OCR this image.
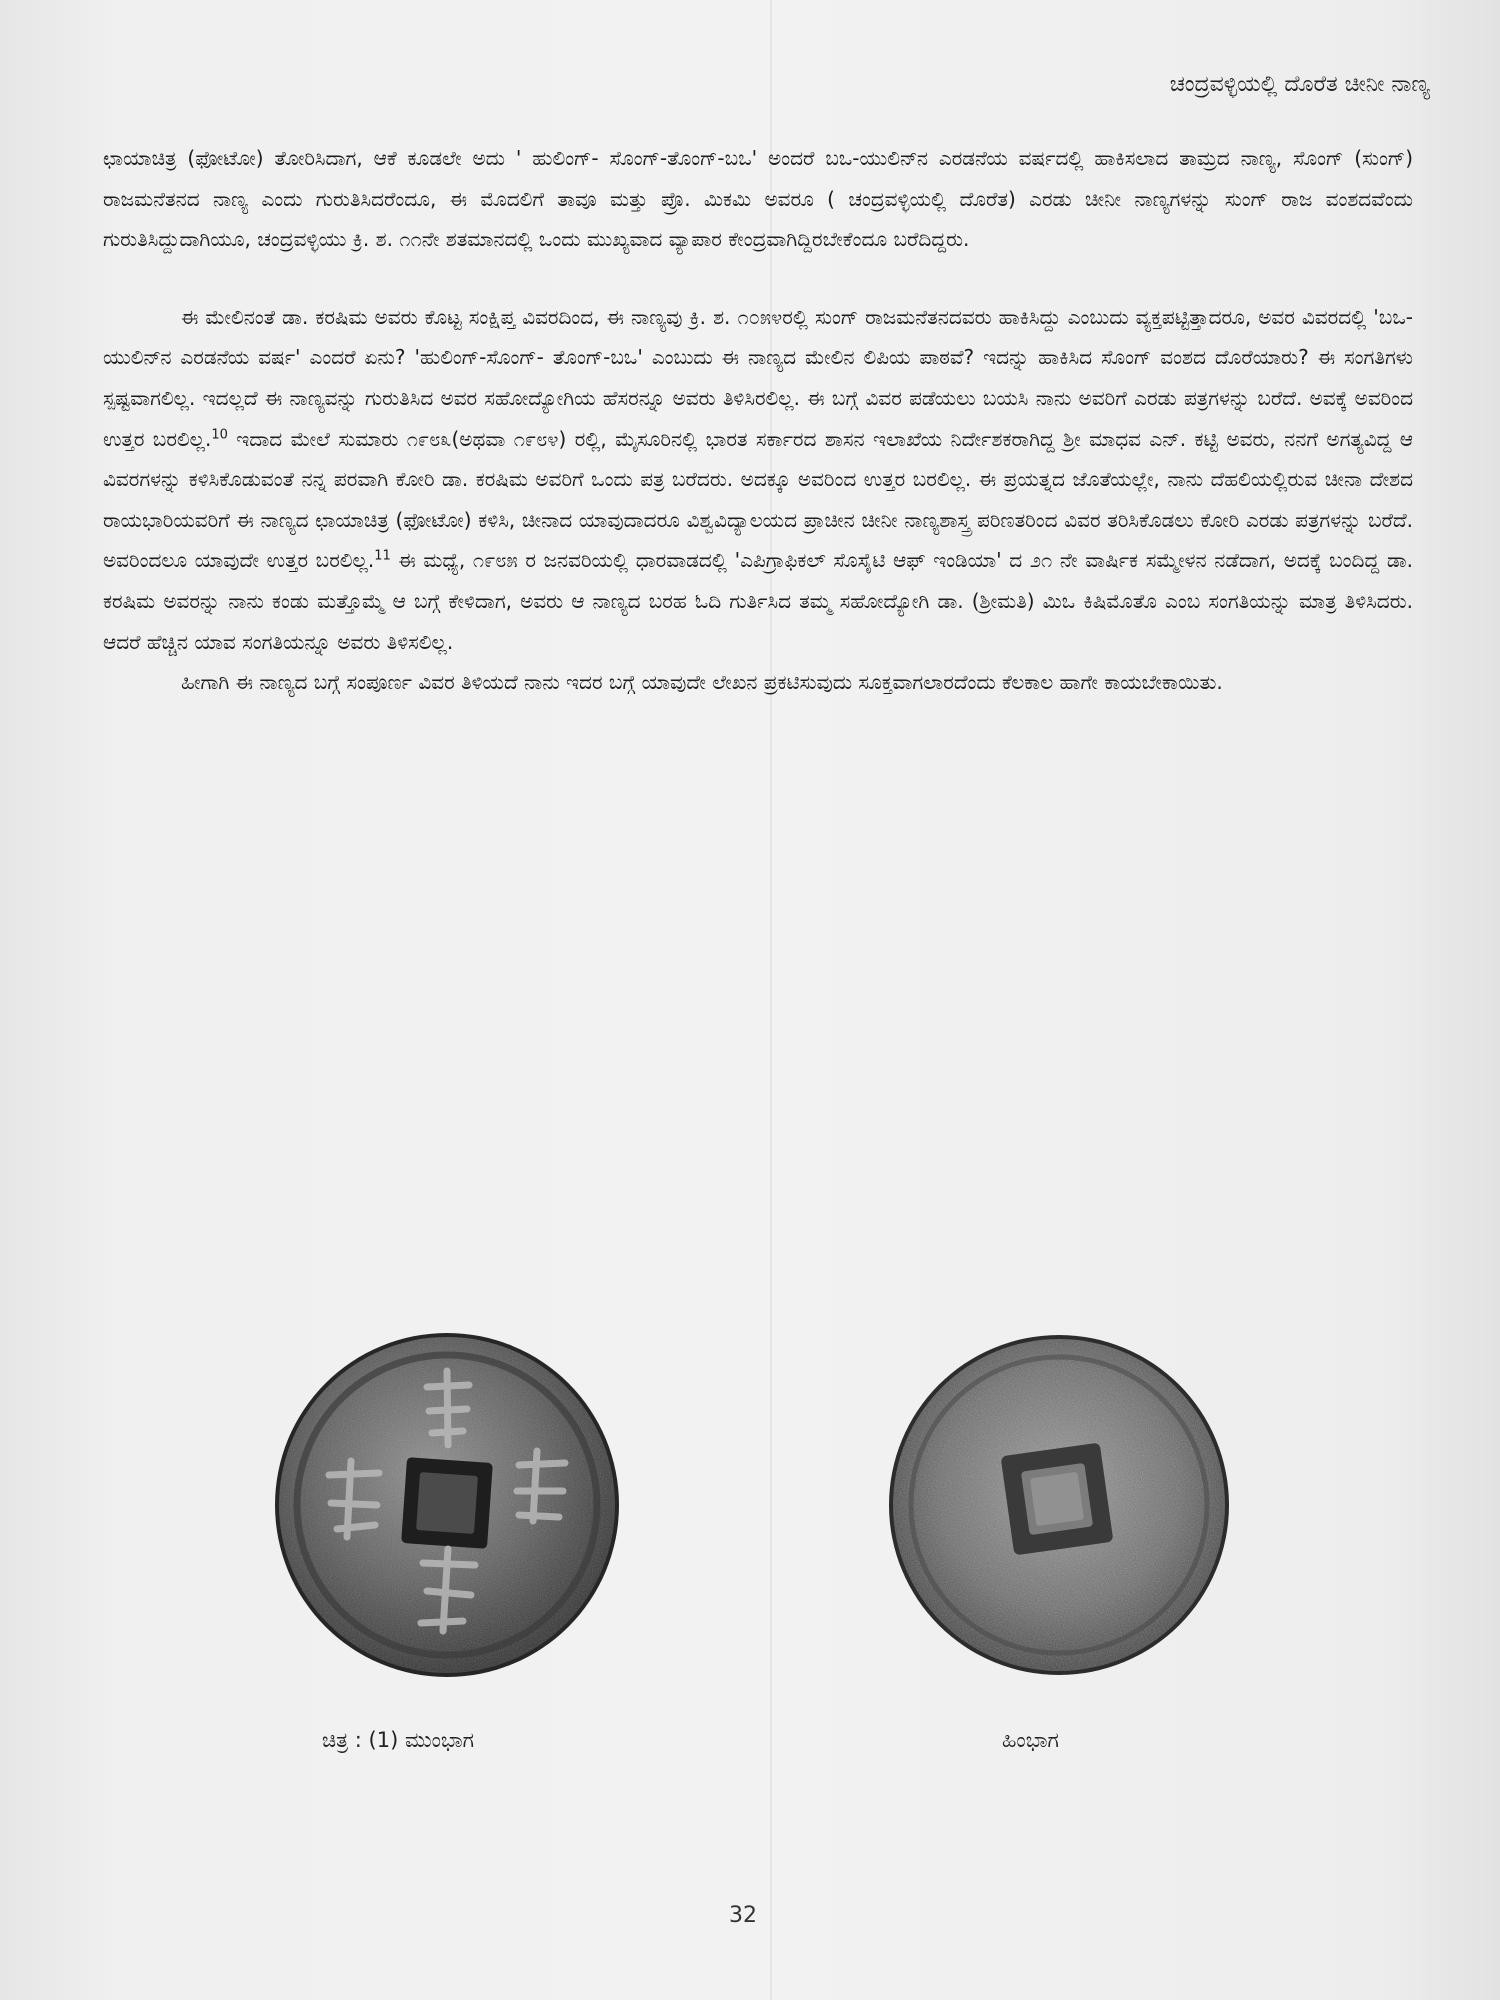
ಚಂದ್ರವಳ್ಳಿಯಲ್ಲಿ ದೊರೆತ ಚೀನೀ ನಾಣ್ಯ

ಛಾಯಾಚಿತ್ರ (ಫೋಟೋ) ತೋರಿಸಿದಾಗ, ಆಕೆ ಕೂಡಲೇ ಅದು ' ಹುಲಿಂಗ್- ಸೊಂಗ್-ತೊಂಗ್-ಬಒ' ಅಂದರೆ ಬಒ-ಯುಲಿನ್‍ನ ಎರಡನೆಯ ವರ್ಷದಲ್ಲಿ ಹಾಕಿಸಲಾದ ತಾಮ್ರದ ನಾಣ್ಯ, ಸೊಂಗ್ (ಸುಂಗ್) ರಾಜಮನೆತನದ ನಾಣ್ಯ ಎಂದು ಗುರುತಿಸಿದರೆಂದೂ, ಈ ಮೊದಲಿಗೆ ತಾವೂ ಮತ್ತು ಪ್ರೊ. ಮಿಕಮಿ ಅವರೂ ( ಚಂದ್ರವಳ್ಳಿಯಲ್ಲಿ ದೊರೆತ) ಎರಡು ಚೀನೀ ನಾಣ್ಯಗಳನ್ನು ಸುಂಗ್ ರಾಜ ವಂಶದವೆಂದು ಗುರುತಿಸಿದ್ದುದಾಗಿಯೂ, ಚಂದ್ರವಳ್ಳಿಯು ಕ್ರಿ. ಶ. ೧೧ನೇ ಶತಮಾನದಲ್ಲಿ ಒಂದು ಮುಖ್ಯವಾದ ವ್ಯಾಪಾರ ಕೇಂದ್ರವಾಗಿದ್ದಿರಬೇಕೆಂದೂ ಬರೆದಿದ್ದರು.

ಈ ಮೇಲಿನಂತೆ ಡಾ. ಕರಷಿಮ ಅವರು ಕೊಟ್ಟ ಸಂಕ್ಷಿಪ್ತ ವಿವರದಿಂದ, ಈ ನಾಣ್ಯವು ಕ್ರಿ. ಶ. ೧೦೫೪ರಲ್ಲಿ ಸುಂಗ್ ರಾಜಮನೆತನದವರು ಹಾಕಿಸಿದ್ದು ಎಂಬುದು ವ್ಯಕ್ತಪಟ್ಟಿತ್ತಾದರೂ, ಅವರ ವಿವರದಲ್ಲಿ 'ಬಒ-ಯುಲಿನ್‍ನ ಎರಡನೆಯ ವರ್ಷ' ಎಂದರೆ ಏನು? 'ಹುಲಿಂಗ್-ಸೊಂಗ್- ತೊಂಗ್-ಬಒ' ಎಂಬುದು ಈ ನಾಣ್ಯದ ಮೇಲಿನ ಲಿಪಿಯ ಪಾಠವೆ? ಇದನ್ನು ಹಾಕಿಸಿದ ಸೊಂಗ್ ವಂಶದ ದೊರೆಯಾರು? ಈ ಸಂಗತಿಗಳು ಸ್ಪಷ್ಟವಾಗಲಿಲ್ಲ. ಇದಲ್ಲದೆ ಈ ನಾಣ್ಯವನ್ನು ಗುರುತಿಸಿದ ಅವರ ಸಹೋದ್ಯೋಗಿಯ ಹೆಸರನ್ನೂ ಅವರು ತಿಳಿಸಿರಲಿಲ್ಲ. ಈ ಬಗ್ಗೆ ವಿವರ ಪಡೆಯಲು ಬಯಸಿ ನಾನು ಅವರಿಗೆ ಎರಡು ಪತ್ರಗಳನ್ನು ಬರೆದೆ. ಅವಕ್ಕೆ ಅವರಿಂದ ಉತ್ತರ ಬರಲಿಲ್ಲ.$^{10}$ ಇದಾದ ಮೇಲೆ ಸುಮಾರು ೧೯೮೩(ಅಥವಾ ೧೯೮೪) ರಲ್ಲಿ, ಮೈಸೂರಿನಲ್ಲಿ ಭಾರತ ಸರ್ಕಾರದ ಶಾಸನ ಇಲಾಖೆಯ ನಿರ್ದೇಶಕರಾಗಿದ್ದ ಶ್ರೀ ಮಾಧವ ಎನ್. ಕಟ್ಟಿ ಅವರು, ನನಗೆ ಅಗತ್ಯವಿದ್ದ ಆ ವಿವರಗಳನ್ನು ಕಳಿಸಿಕೊಡುವಂತೆ ನನ್ನ ಪರವಾಗಿ ಕೋರಿ ಡಾ. ಕರಷಿಮ ಅವರಿಗೆ ಒಂದು ಪತ್ರ ಬರೆದರು. ಅದಕ್ಕೂ ಅವರಿಂದ ಉತ್ತರ ಬರಲಿಲ್ಲ. ಈ ಪ್ರಯತ್ನದ ಜೊತೆಯಲ್ಲೇ, ನಾನು ದೆಹಲಿಯಲ್ಲಿರುವ ಚೀನಾ ದೇಶದ ರಾಯಭಾರಿಯವರಿಗೆ ಈ ನಾಣ್ಯದ ಛಾಯಾಚಿತ್ರ (ಫೋಟೋ) ಕಳಿಸಿ, ಚೀನಾದ ಯಾವುದಾದರೂ ವಿಶ್ವವಿದ್ಯಾಲಯದ ಪ್ರಾಚೀನ ಚೀನೀ ನಾಣ್ಯಶಾಸ್ತ್ರ ಪರಿಣತರಿಂದ ವಿವರ ತರಿಸಿಕೊಡಲು ಕೋರಿ ಎರಡು ಪತ್ರಗಳನ್ನು ಬರೆದೆ. ಅವರಿಂದಲೂ ಯಾವುದೇ ಉತ್ತರ ಬರಲಿಲ್ಲ.$^{11}$ ಈ ಮಧ್ಯೆ, ೧೯೮೫ ರ ಜನವರಿಯಲ್ಲಿ ಧಾರವಾಡದಲ್ಲಿ 'ಎಪಿಗ್ರಾಫಿಕಲ್ ಸೊಸೈಟಿ ಆಫ್ ಇಂಡಿಯಾ' ದ ೨೧ ನೇ ವಾರ್ಷಿಕ ಸಮ್ಮೇಳನ ನಡೆದಾಗ, ಅದಕ್ಕೆ ಬಂದಿದ್ದ ಡಾ. ಕರಷಿಮ ಅವರನ್ನು ನಾನು ಕಂಡು ಮತ್ತೊಮ್ಮೆ ಆ ಬಗ್ಗೆ ಕೇಳಿದಾಗ, ಅವರು ಆ ನಾಣ್ಯದ ಬರಹ ಓದಿ ಗುರ್ತಿಸಿದ ತಮ್ಮ ಸಹೋದ್ಯೋಗಿ ಡಾ. (ಶ್ರೀಮತಿ) ಮಿಒ ಕಿಷಿಮೊತೊ ಎಂಬ ಸಂಗತಿಯನ್ನು ಮಾತ್ರ ತಿಳಿಸಿದರು. ಆದರೆ ಹೆಚ್ಚಿನ ಯಾವ ಸಂಗತಿಯನ್ನೂ ಅವರು ತಿಳಿಸಲಿಲ್ಲ.

ಹೀಗಾಗಿ ಈ ನಾಣ್ಯದ ಬಗ್ಗೆ ಸಂಪೂರ್ಣ ವಿವರ ತಿಳಿಯದೆ ನಾನು ಇದರ ಬಗ್ಗೆ ಯಾವುದೇ ಲೇಖನ ಪ್ರಕಟಿಸುವುದು ಸೂಕ್ತವಾಗಲಾರದೆಂದು ಕೆಲಕಾಲ ಹಾಗೇ ಕಾಯಬೇಕಾಯಿತು.

ಚಿತ್ರ : (1) ಮುಂಭಾಗ	ಹಿಂಭಾಗ
32
